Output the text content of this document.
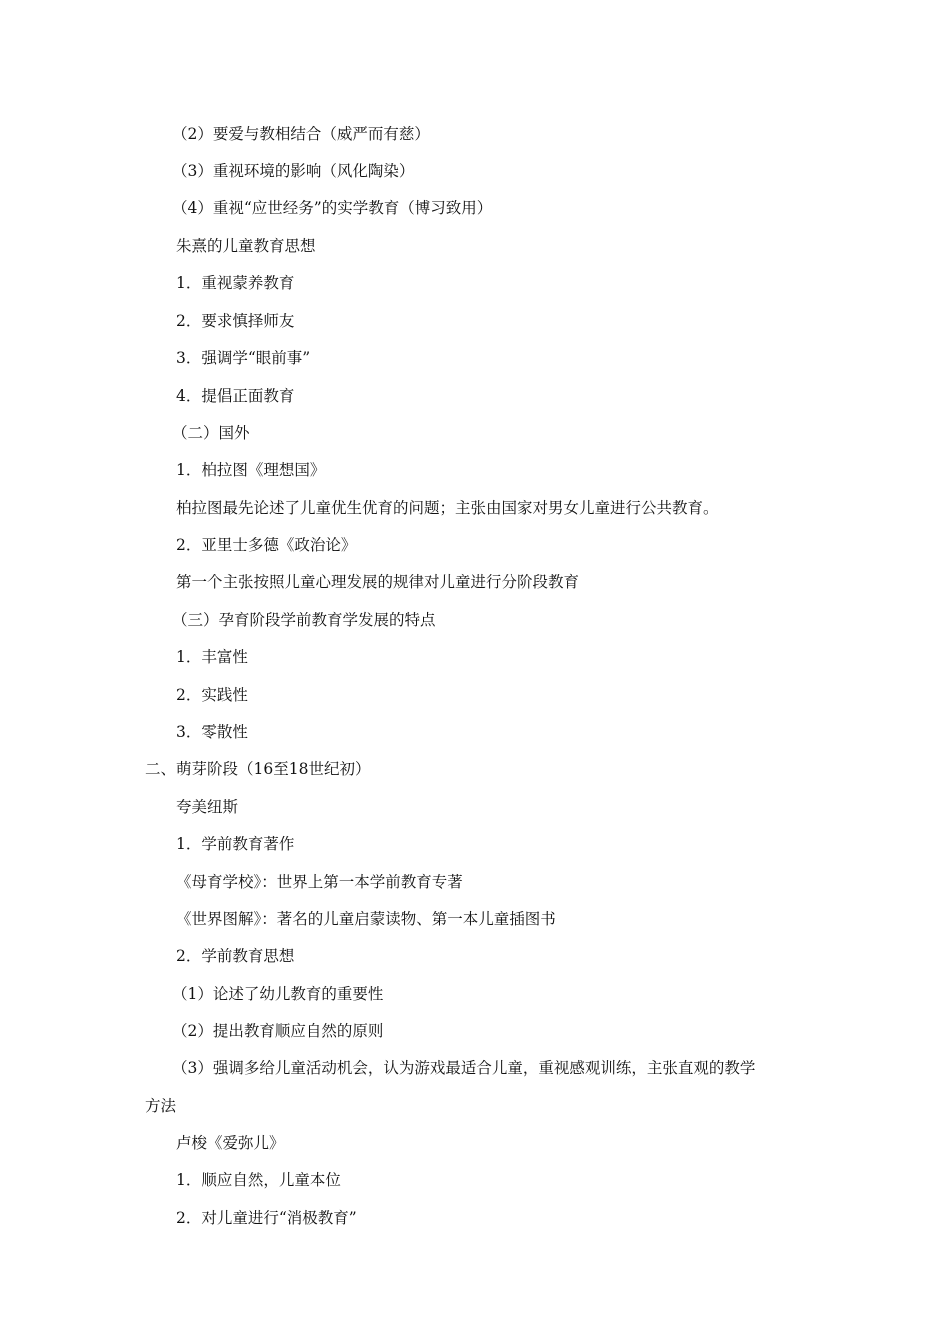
（2）要爱与教相结合（威严而有慈）
（3）重视环境的影响（风化陶染）
（4）重视“应世经务”的实学教育（博习致用）
朱熹的儿童教育思想
1．重视蒙养教育
2．要求慎择师友
3．强调学“眼前事”
4．提倡正面教育
（二）国外
1．柏拉图《理想国》
柏拉图最先论述了儿童优生优育的问题；主张由国家对男女儿童进行公共教育。
2．亚里士多德《政治论》
第一个主张按照儿童心理发展的规律对儿童进行分阶段教育
（三）孕育阶段学前教育学发展的特点
1．丰富性
2．实践性
3．零散性
二、萌芽阶段（16至18世纪初）
夸美纽斯
1．学前教育著作
《母育学校》：世界上第一本学前教育专著
《世界图解》：著名的儿童启蒙读物、第一本儿童插图书
2．学前教育思想
（1）论述了幼儿教育的重要性
（2）提出教育顺应自然的原则
（3）强调多给儿童活动机会，认为游戏最适合儿童，重视感观训练，主张直观的教学
方法
卢梭《爱弥儿》
1．顺应自然，儿童本位
2．对儿童进行“消极教育”
